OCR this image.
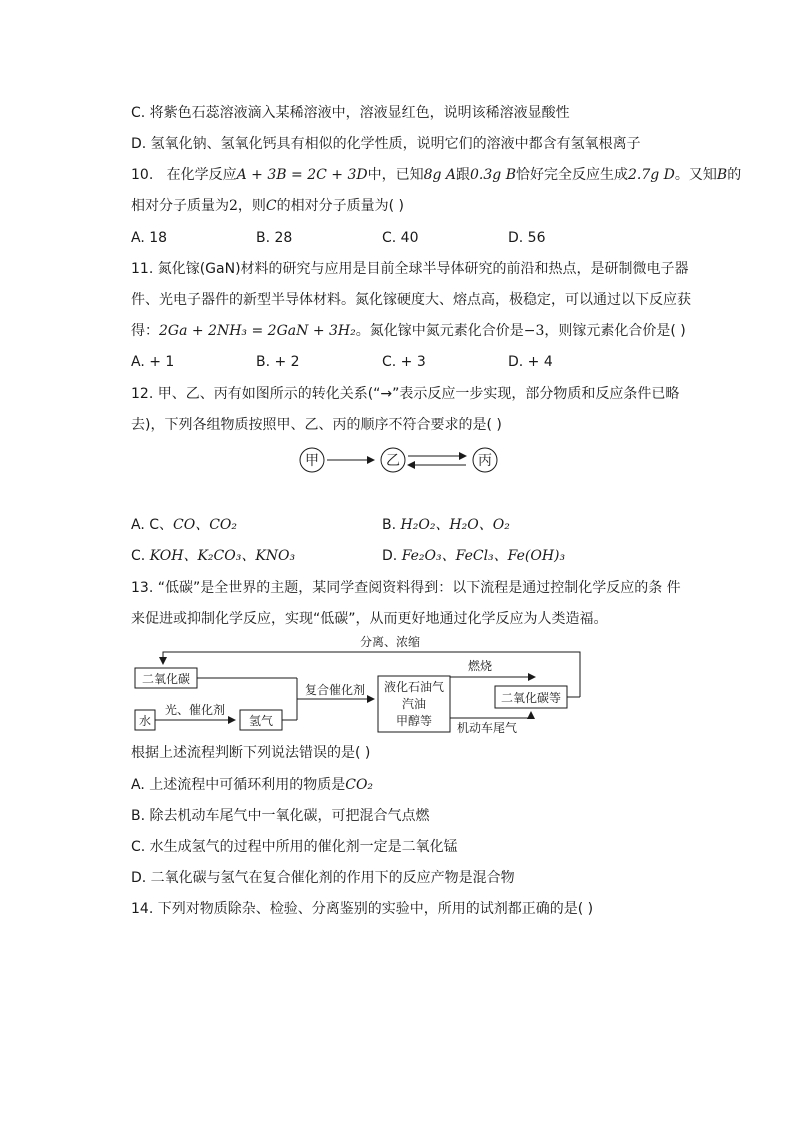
C. 将紫色石蕊溶液滴入某稀溶液中，溶液显红色，说明该稀溶液显酸性
D. 氢氧化钠、氢氧化钙具有相似的化学性质，说明它们的溶液中都含有氢氧根离子
10. 在化学反应A + 3B = 2C + 3D中，已知8g A跟0.3g B恰好完全反应生成2.7g D。又知B的
相对分子质量为2，则C的相对分子质量为( )
A. 18	B. 28	C. 40	D. 56
11. 氮化镓(GaN)材料的研究与应用是目前全球半导体研究的前沿和热点，是研制微电子器
件、光电子器件的新型半导体材料。氮化镓硬度大、熔点高，极稳定，可以通过以下反应获
得：2Ga + 2NH₃ = 2GaN + 3H₂。氮化镓中氮元素化合价是−3，则镓元素化合价是( )
A. + 1	B. + 2	C. + 3	D. + 4
12. 甲、乙、丙有如图所示的转化关系(“→”表示反应一步实现，部分物质和反应条件已略
去)，下列各组物质按照甲、乙、丙的顺序不符合要求的是( )
甲	乙	丙
A. C、CO、CO₂	B. H₂O₂、H₂O、O₂
C. KOH、K₂CO₃、KNO₃	D. Fe₂O₃、FeCl₃、Fe(OH)₃
13. “低碳”是全世界的主题，某同学查阅资料得到：以下流程是通过控制化学反应的条 件
来促进或抑制化学反应，实现“低碳”，从而更好地通过化学反应为人类造福。
分离、浓缩
二氧化碳
水
光、催化剂
氢气
复合催化剂 液化石油气
汽油
甲醇等
燃烧
二氧化碳等
机动车尾气
根据上述流程判断下列说法错误的是( )
A. 上述流程中可循环利用的物质是CO₂
B. 除去机动车尾气中一氧化碳，可把混合气点燃
C. 水生成氢气的过程中所用的催化剂一定是二氧化锰
D. 二氧化碳与氢气在复合催化剂的作用下的反应产物是混合物
14. 下列对物质除杂、检验、分离鉴别的实验中，所用的试剂都正确的是( )
